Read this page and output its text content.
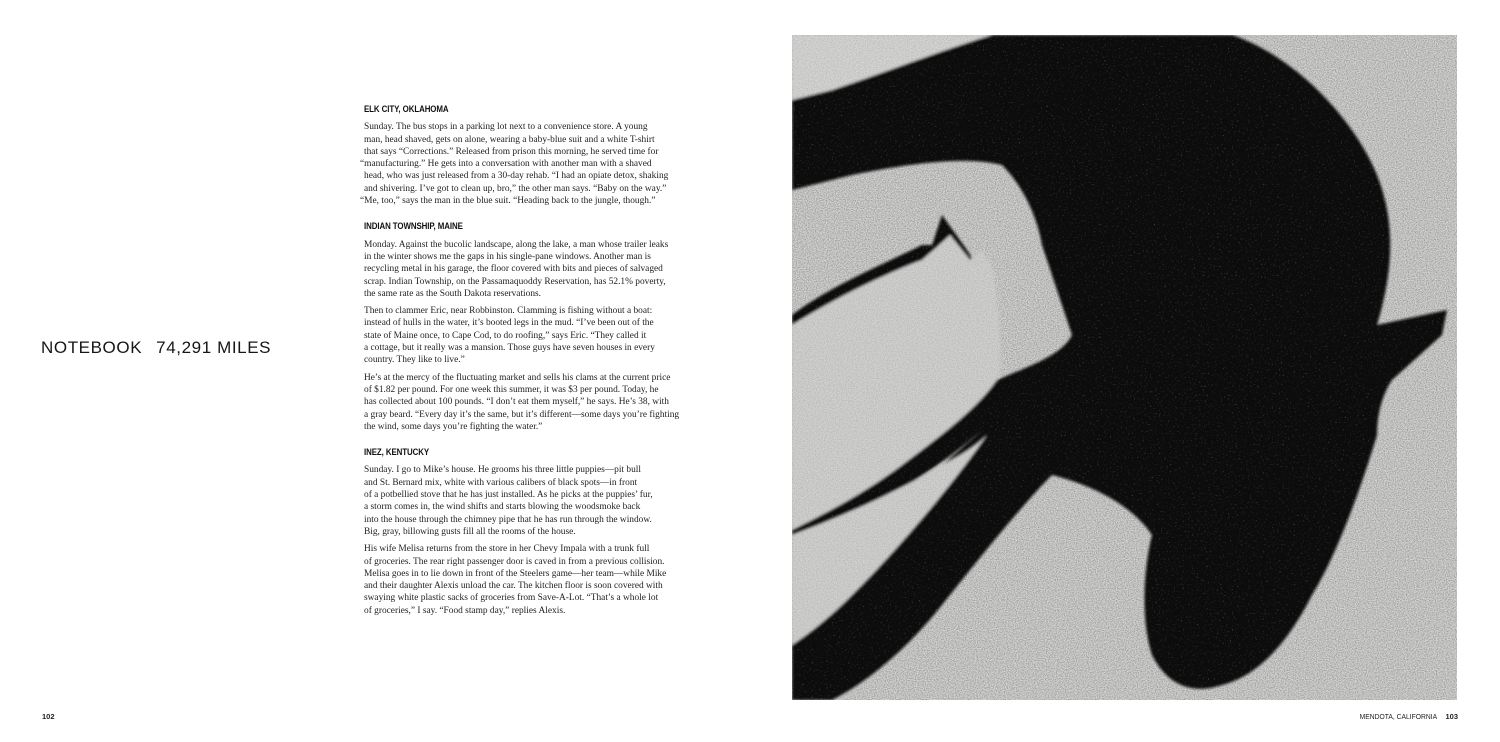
NOTEBOOK 74,291 MILES
ELK CITY, OKLAHOMA
Sunday. The bus stops in a parking lot next to a convenience store. A young
man, head shaved, gets on alone, wearing a baby-blue suit and a white T-shirt
that says “Corrections.” Released from prison this morning, he served time for
“manufacturing.” He gets into a conversation with another man with a shaved
head, who was just released from a 30-day rehab. “I had an opiate detox, shaking
and shivering. I’ve got to clean up, bro,” the other man says. “Baby on the way.”
“Me, too,” says the man in the blue suit. “Heading back to the jungle, though.”
INDIAN TOWNSHIP, MAINE
Monday. Against the bucolic landscape, along the lake, a man whose trailer leaks
in the winter shows me the gaps in his single-pane windows. Another man is
recycling metal in his garage, the floor covered with bits and pieces of salvaged
scrap. Indian Township, on the Passamaquoddy Reservation, has 52.1% poverty,
the same rate as the South Dakota reservations.
Then to clammer Eric, near Robbinston. Clamming is fishing without a boat:
instead of hulls in the water, it’s booted legs in the mud. “I’ve been out of the
state of Maine once, to Cape Cod, to do roofing,” says Eric. “They called it
a cottage, but it really was a mansion. Those guys have seven houses in every
country. They like to live.”
He’s at the mercy of the fluctuating market and sells his clams at the current price
of $1.82 per pound. For one week this summer, it was $3 per pound. Today, he
has collected about 100 pounds. “I don’t eat them myself,” he says. He’s 38, with
a gray beard. “Every day it’s the same, but it’s different—some days you’re fighting
the wind, some days you’re fighting the water.”
INEZ, KENTUCKY
Sunday. I go to Mike’s house. He grooms his three little puppies—pit bull
and St. Bernard mix, white with various calibers of black spots—in front
of a potbellied stove that he has just installed. As he picks at the puppies’ fur,
a storm comes in, the wind shifts and starts blowing the woodsmoke back
into the house through the chimney pipe that he has run through the window.
Big, gray, billowing gusts fill all the rooms of the house.
His wife Melisa returns from the store in her Chevy Impala with a trunk full
of groceries. The rear right passenger door is caved in from a previous collision.
Melisa goes in to lie down in front of the Steelers game—her team—while Mike
and their daughter Alexis unload the car. The kitchen floor is soon covered with
swaying white plastic sacks of groceries from Save-A-Lot. “That’s a whole lot
of groceries,” I say. “Food stamp day,” replies Alexis.
102	MENDOTA, CALIFORNIA 103
